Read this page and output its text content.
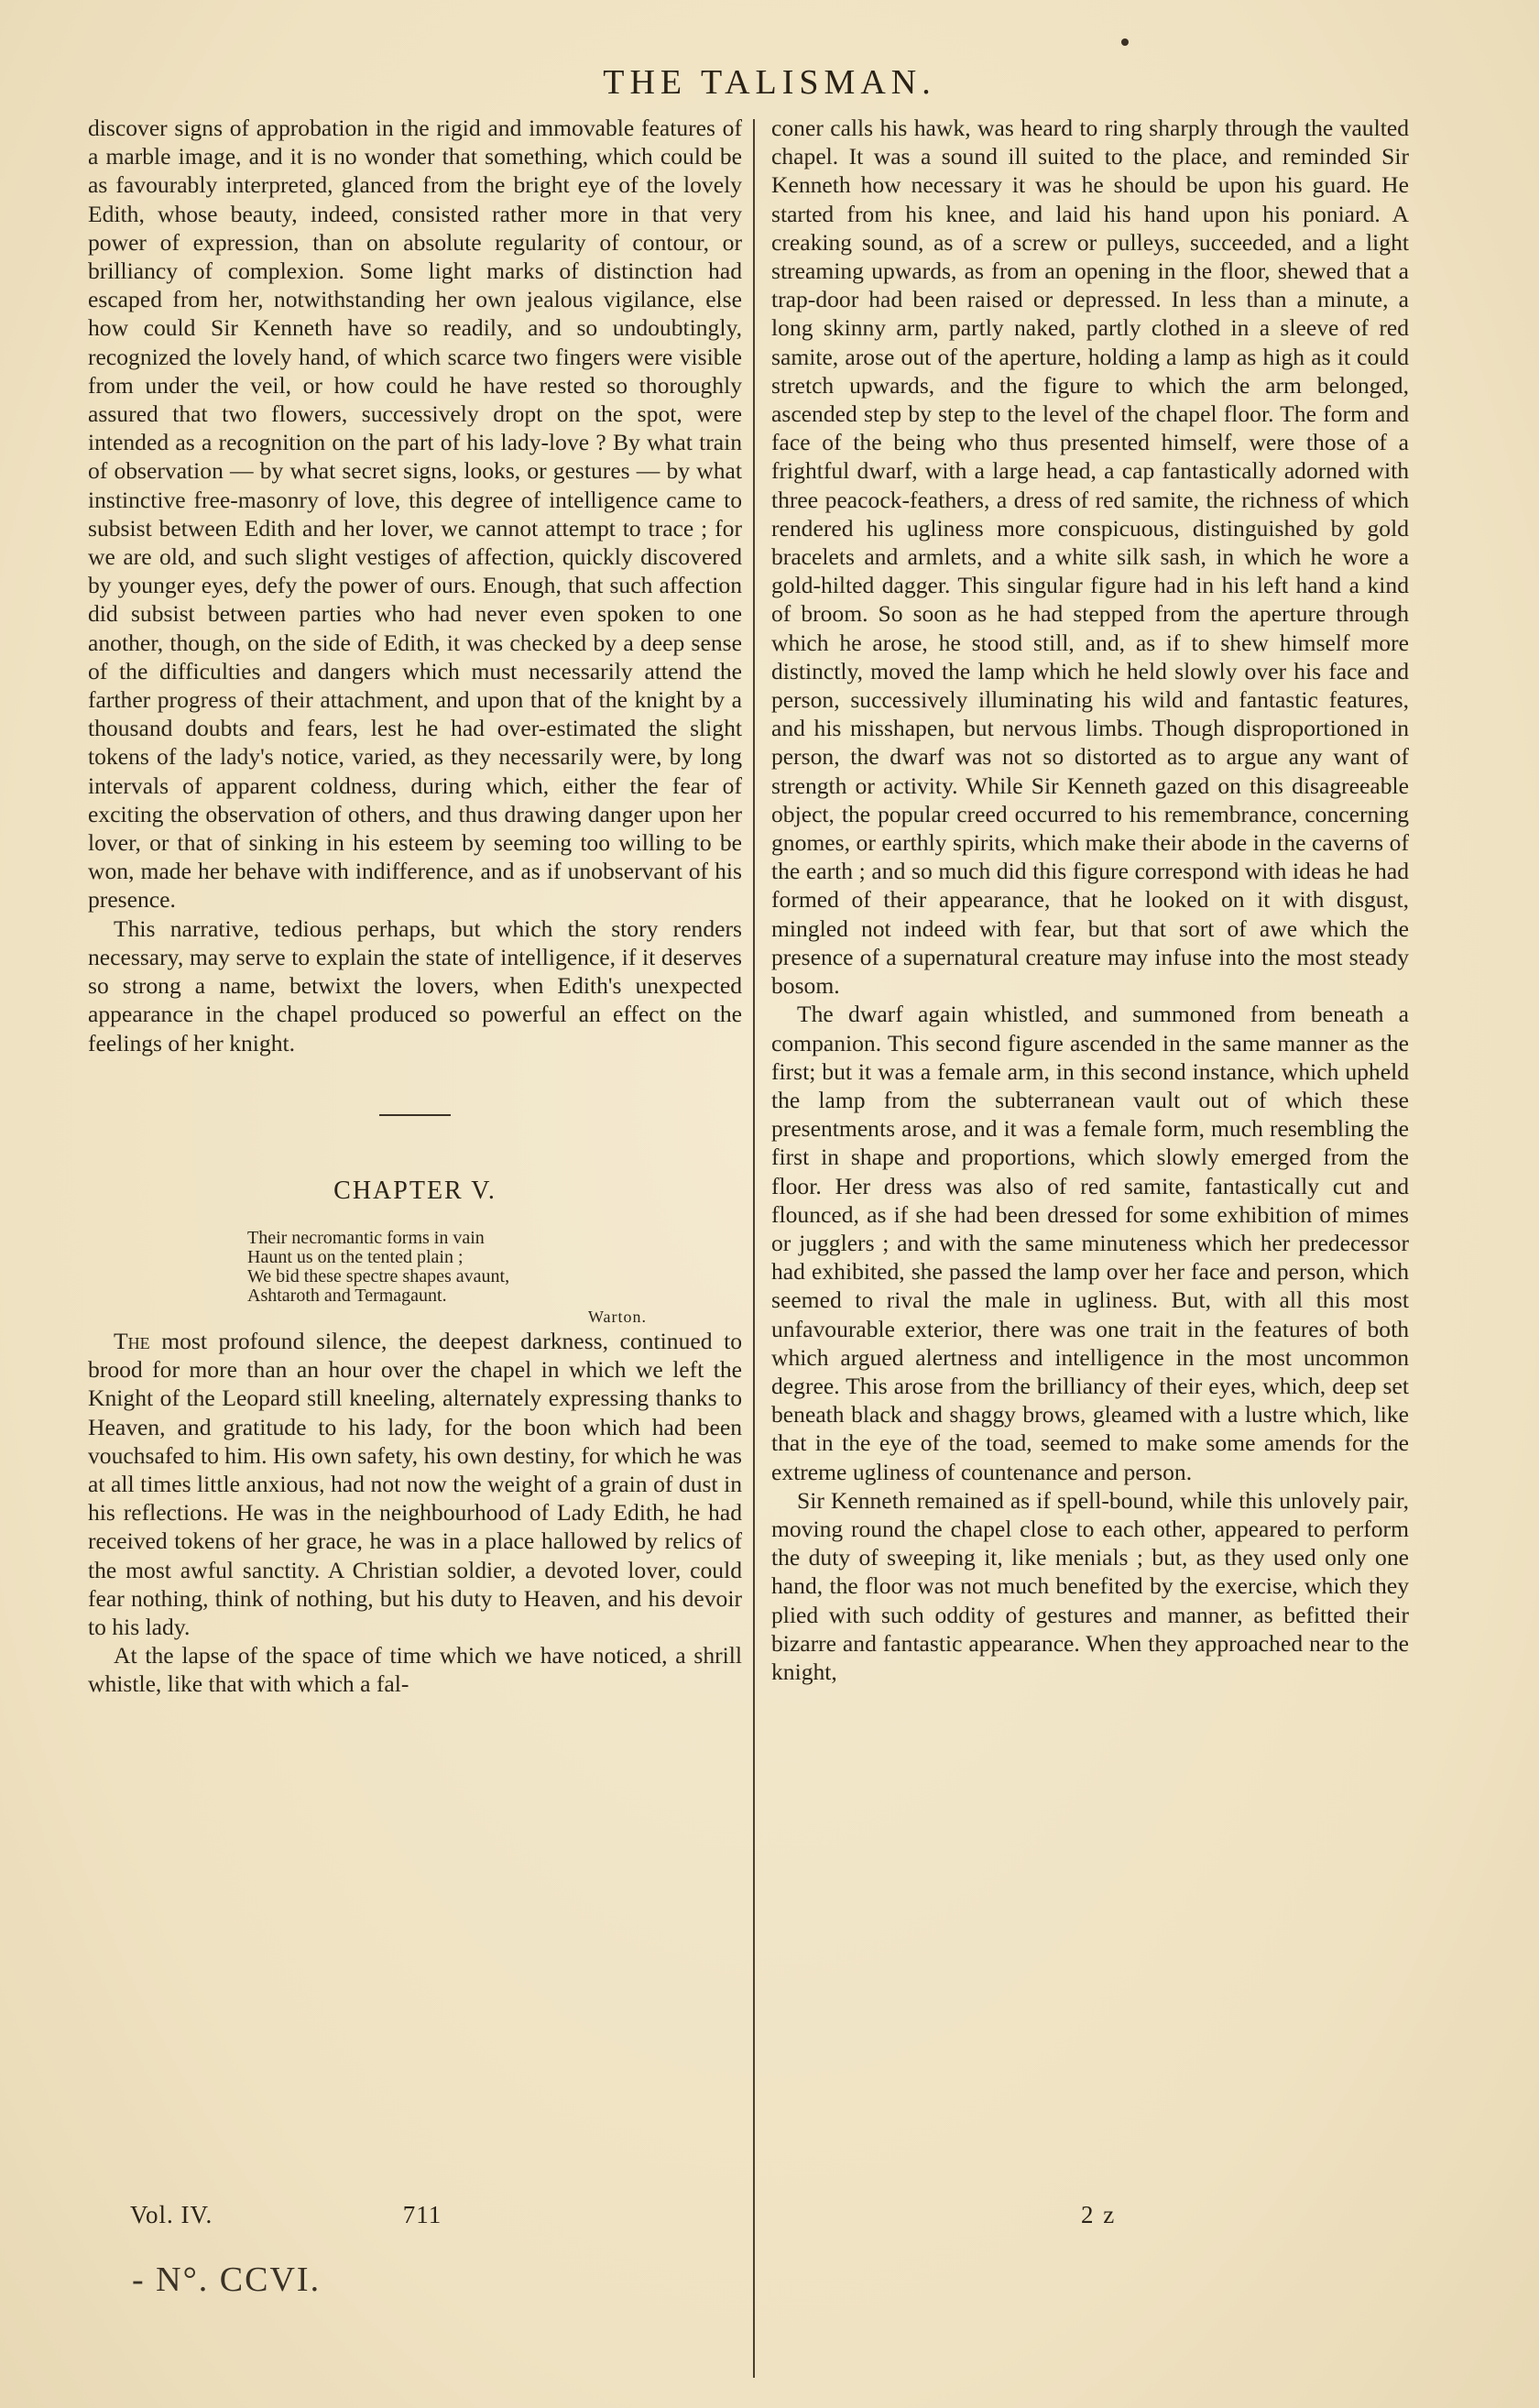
THE TALISMAN.

discover signs of approbation in the rigid and immovable features of a marble image, and it is no wonder that something, which could be as favourably interpreted, glanced from the bright eye of the lovely Edith, whose beauty, indeed, consisted rather more in that very power of expression, than on absolute regularity of contour, or brilliancy of complexion. Some light marks of distinction had escaped from her, notwithstanding her own jealous vigilance, else how could Sir Kenneth have so readily, and so undoubtingly, recognized the lovely hand, of which scarce two fingers were visible from under the veil, or how could he have rested so thoroughly assured that two flowers, successively dropt on the spot, were intended as a recognition on the part of his lady-love ? By what train of observation — by what secret signs, looks, or gestures — by what instinctive free-masonry of love, this degree of intelligence came to subsist between Edith and her lover, we cannot attempt to trace ; for we are old, and such slight vestiges of affection, quickly discovered by younger eyes, defy the power of ours. Enough, that such affection did subsist between parties who had never even spoken to one another, though, on the side of Edith, it was checked by a deep sense of the difficulties and dangers which must necessarily attend the farther progress of their attachment, and upon that of the knight by a thousand doubts and fears, lest he had over-estimated the slight tokens of the lady's notice, varied, as they necessarily were, by long intervals of apparent coldness, during which, either the fear of exciting the observation of others, and thus drawing danger upon her lover, or that of sinking in his esteem by seeming too willing to be won, made her behave with indifference, and as if unobservant of his presence.

This narrative, tedious perhaps, but which the story renders necessary, may serve to explain the state of intelligence, if it deserves so strong a name, betwixt the lovers, when Edith's unexpected appearance in the chapel produced so powerful an effect on the feelings of her knight.

CHAPTER V.
Their necromantic forms in vain
Haunt us on the tented plain ;
We bid these spectre shapes avaunt,
Ashtaroth and Termagaunt.
Warton.

The most profound silence, the deepest darkness, continued to brood for more than an hour over the chapel in which we left the Knight of the Leopard still kneeling, alternately expressing thanks to Heaven, and gratitude to his lady, for the boon which had been vouchsafed to him. His own safety, his own destiny, for which he was at all times little anxious, had not now the weight of a grain of dust in his reflections. He was in the neighbourhood of Lady Edith, he had received tokens of her grace, he was in a place hallowed by relics of the most awful sanctity. A Christian soldier, a devoted lover, could fear nothing, think of nothing, but his duty to Heaven, and his devoir to his lady.

At the lapse of the space of time which we have noticed, a shrill whistle, like that with which a fal-

coner calls his hawk, was heard to ring sharply through the vaulted chapel. It was a sound ill suited to the place, and reminded Sir Kenneth how necessary it was he should be upon his guard. He started from his knee, and laid his hand upon his poniard. A creaking sound, as of a screw or pulleys, succeeded, and a light streaming upwards, as from an opening in the floor, shewed that a trap-door had been raised or depressed. In less than a minute, a long skinny arm, partly naked, partly clothed in a sleeve of red samite, arose out of the aperture, holding a lamp as high as it could stretch upwards, and the figure to which the arm belonged, ascended step by step to the level of the chapel floor. The form and face of the being who thus presented himself, were those of a frightful dwarf, with a large head, a cap fantastically adorned with three peacock-feathers, a dress of red samite, the richness of which rendered his ugliness more conspicuous, distinguished by gold bracelets and armlets, and a white silk sash, in which he wore a gold-hilted dagger. This singular figure had in his left hand a kind of broom. So soon as he had stepped from the aperture through which he arose, he stood still, and, as if to shew himself more distinctly, moved the lamp which he held slowly over his face and person, successively illuminating his wild and fantastic features, and his misshapen, but nervous limbs. Though disproportioned in person, the dwarf was not so distorted as to argue any want of strength or activity. While Sir Kenneth gazed on this disagreeable object, the popular creed occurred to his remembrance, concerning gnomes, or earthly spirits, which make their abode in the caverns of the earth ; and so much did this figure correspond with ideas he had formed of their appearance, that he looked on it with disgust, mingled not indeed with fear, but that sort of awe which the presence of a supernatural creature may infuse into the most steady bosom.

The dwarf again whistled, and summoned from beneath a companion. This second figure ascended in the same manner as the first; but it was a female arm, in this second instance, which upheld the lamp from the subterranean vault out of which these presentments arose, and it was a female form, much resembling the first in shape and proportions, which slowly emerged from the floor. Her dress was also of red samite, fantastically cut and flounced, as if she had been dressed for some exhibition of mimes or jugglers ; and with the same minuteness which her predecessor had exhibited, she passed the lamp over her face and person, which seemed to rival the male in ugliness. But, with all this most unfavourable exterior, there was one trait in the features of both which argued alertness and intelligence in the most uncommon degree. This arose from the brilliancy of their eyes, which, deep set beneath black and shaggy brows, gleamed with a lustre which, like that in the eye of the toad, seemed to make some amends for the extreme ugliness of countenance and person.

Sir Kenneth remained as if spell-bound, while this unlovely pair, moving round the chapel close to each other, appeared to perform the duty of sweeping it, like menials ; but, as they used only one hand, the floor was not much benefited by the exercise, which they plied with such oddity of gestures and manner, as befitted their bizarre and fantastic appearance. When they approached near to the knight,

Vol. IV.	711	2 z
- N°. CCVI.
